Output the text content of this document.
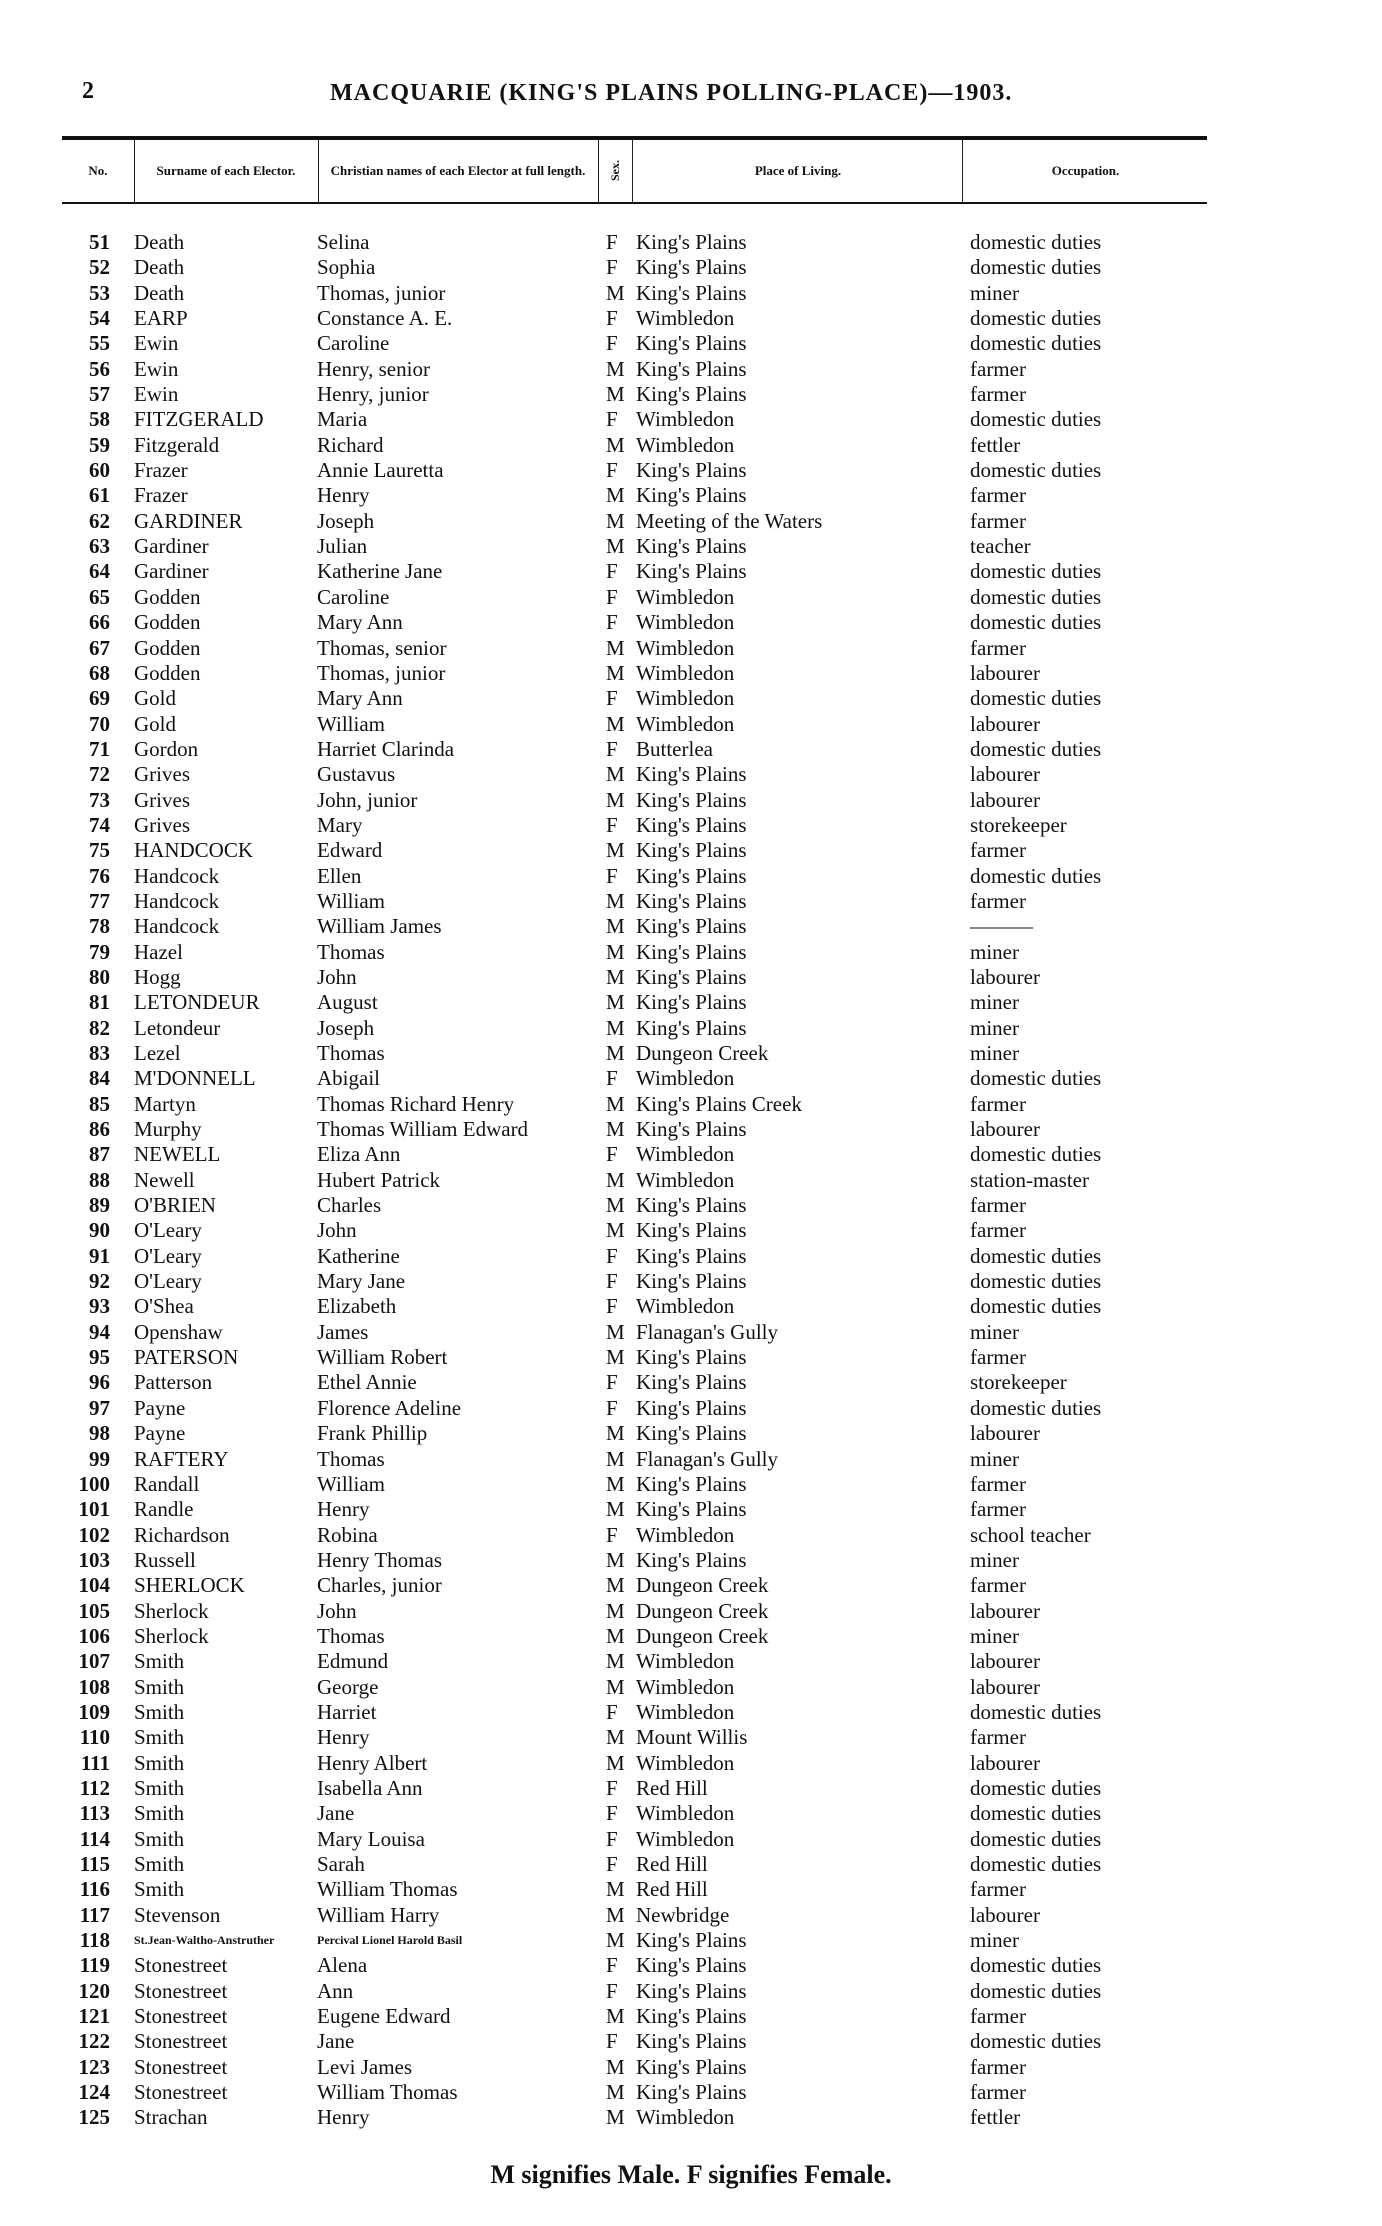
2	MACQUARIE (KING'S PLAINS POLLING-PLACE)—1903.
No.	Surname of each Elector.	Christian names of each Elector at full length.	Sex.	Place of Living.	Occupation.
51 Death	Selina	F King's Plains	domestic duties
52 Death	Sophia	F King's Plains	domestic duties
53 Death	Thomas, junior	M King's Plains	miner
54 EARP	Constance A. E.	F Wimbledon	domestic duties
55 Ewin	Caroline	F King's Plains	domestic duties
56 Ewin	Henry, senior	M King's Plains	farmer
57 Ewin	Henry, junior	M King's Plains	farmer
58 FITZGERALD	Maria	F Wimbledon	domestic duties
59 Fitzgerald	Richard	M Wimbledon	fettler
60 Frazer	Annie Lauretta	F King's Plains	domestic duties
61 Frazer	Henry	M King's Plains	farmer
62 GARDINER	Joseph	M Meeting of the Waters	farmer
63 Gardiner	Julian	M King's Plains	teacher
64 Gardiner	Katherine Jane	F King's Plains	domestic duties
65 Godden	Caroline	F Wimbledon	domestic duties
66 Godden	Mary Ann	F Wimbledon	domestic duties
67 Godden	Thomas, senior	M Wimbledon	farmer
68 Godden	Thomas, junior	M Wimbledon	labourer
69 Gold	Mary Ann	F Wimbledon	domestic duties
70 Gold	William	M Wimbledon	labourer
71 Gordon	Harriet Clarinda	F Butterlea	domestic duties
72 Grives	Gustavus	M King's Plains	labourer
73 Grives	John, junior	M King's Plains	labourer
74 Grives	Mary	F King's Plains	storekeeper
75 HANDCOCK	Edward	M King's Plains	farmer
76 Handcock	Ellen	F King's Plains	domestic duties
77 Handcock	William	M King's Plains	farmer
78 Handcock	William James	M King's Plains	———
79 Hazel	Thomas	M King's Plains	miner
80 Hogg	John	M King's Plains	labourer
81 LETONDEUR	August	M King's Plains	miner
82 Letondeur	Joseph	M King's Plains	miner
83 Lezel	Thomas	M Dungeon Creek	miner
84 M'DONNELL	Abigail	F Wimbledon	domestic duties
85 Martyn	Thomas Richard Henry	M King's Plains Creek	farmer
86 Murphy	Thomas William Edward	M King's Plains	labourer
87 NEWELL	Eliza Ann	F Wimbledon	domestic duties
88 Newell	Hubert Patrick	M Wimbledon	station-master
89 O'BRIEN	Charles	M King's Plains	farmer
90 O'Leary	John	M King's Plains	farmer
91 O'Leary	Katherine	F King's Plains	domestic duties
92 O'Leary	Mary Jane	F King's Plains	domestic duties
93 O'Shea	Elizabeth	F Wimbledon	domestic duties
94 Openshaw	James	M Flanagan's Gully	miner
95 PATERSON	William Robert	M King's Plains	farmer
96 Patterson	Ethel Annie	F King's Plains	storekeeper
97 Payne	Florence Adeline	F King's Plains	domestic duties
98 Payne	Frank Phillip	M King's Plains	labourer
99 RAFTERY	Thomas	M Flanagan's Gully	miner
100 Randall	William	M King's Plains	farmer
101 Randle	Henry	M King's Plains	farmer
102 Richardson	Robina	F Wimbledon	school teacher
103 Russell	Henry Thomas	M King's Plains	miner
104 SHERLOCK	Charles, junior	M Dungeon Creek	farmer
105 Sherlock	John	M Dungeon Creek	labourer
106 Sherlock	Thomas	M Dungeon Creek	miner
107 Smith	Edmund	M Wimbledon	labourer
108 Smith	George	M Wimbledon	labourer
109 Smith	Harriet	F Wimbledon	domestic duties
110 Smith	Henry	M Mount Willis	farmer
111 Smith	Henry Albert	M Wimbledon	labourer
112 Smith	Isabella Ann	F Red Hill	domestic duties
113 Smith	Jane	F Wimbledon	domestic duties
114 Smith	Mary Louisa	F Wimbledon	domestic duties
115 Smith	Sarah	F Red Hill	domestic duties
116 Smith	William Thomas	M Red Hill	farmer
117 Stevenson	William Harry	M Newbridge	labourer
118 St.Jean-Waltho-Anstruther	Percival Lionel Harold Basil	M King's Plains	miner
119 Stonestreet	Alena	F King's Plains	domestic duties
120 Stonestreet	Ann	F King's Plains	domestic duties
121 Stonestreet	Eugene Edward	M King's Plains	farmer
122 Stonestreet	Jane	F King's Plains	domestic duties
123 Stonestreet	Levi James	M King's Plains	farmer
124 Stonestreet	William Thomas	M King's Plains	farmer
125 Strachan	Henry	M Wimbledon	fettler
M signifies Male. F signifies Female.
